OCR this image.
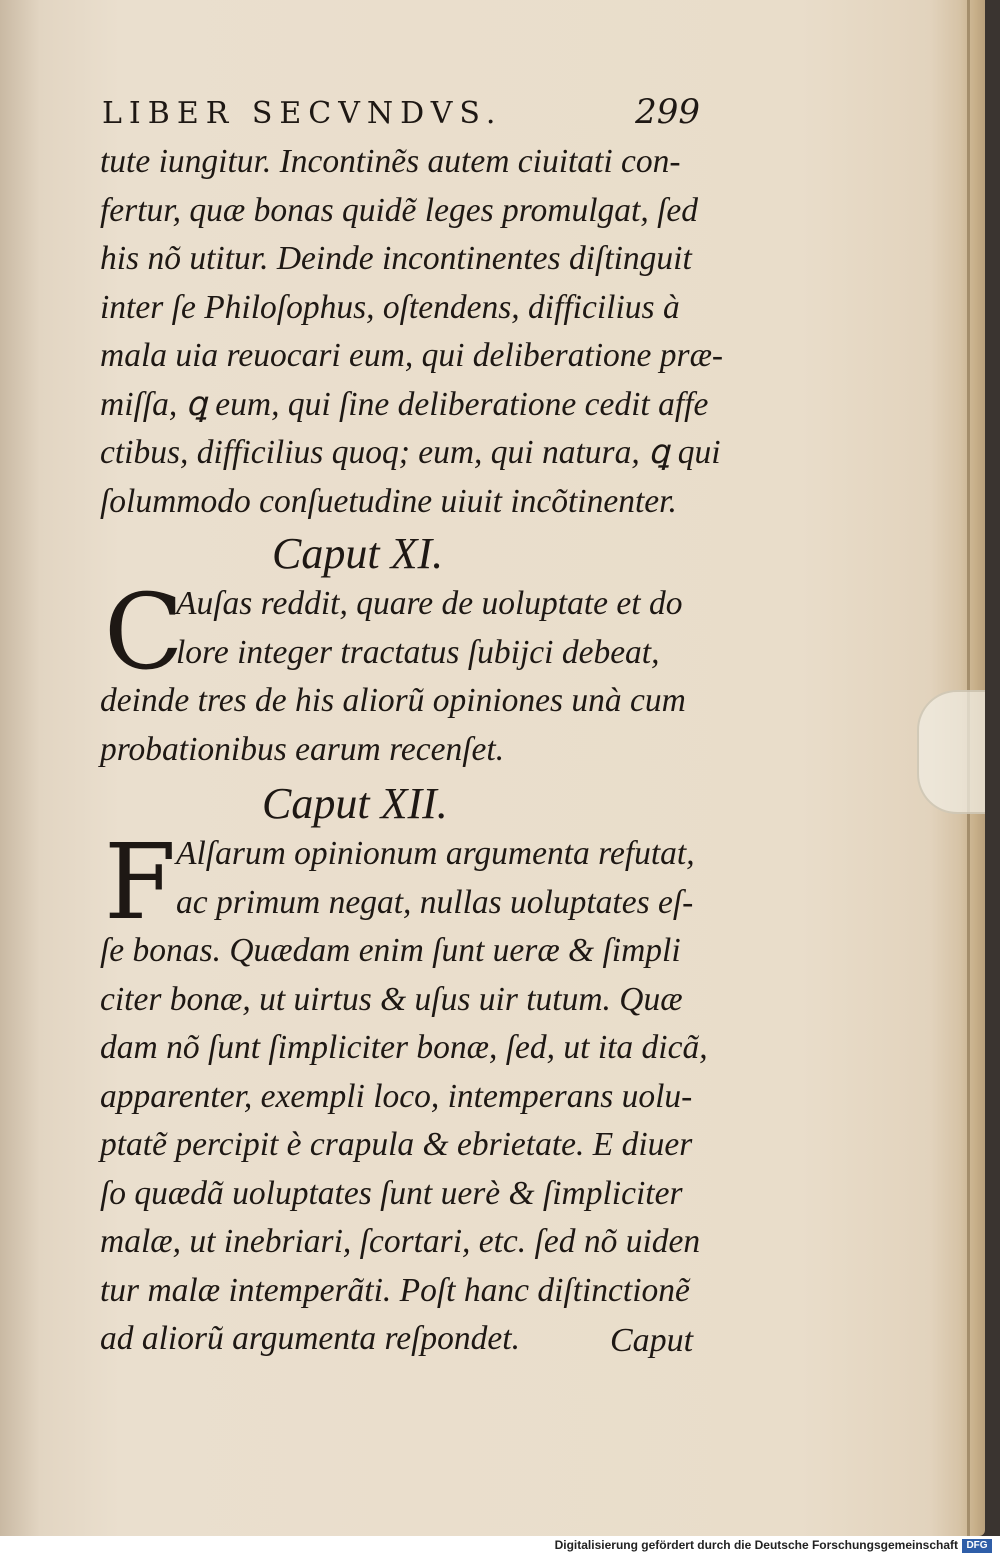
LIBER SECVNDVS.	299
tute iungitur. Incontinẽs autem ciuitati con-
fertur, quæ bonas quidẽ leges promulgat, ſed
his nõ utitur. Deinde incontinentes diſtinguit
inter ſe Philoſophus, oſtendens, difficilius à
mala uia reuocari eum, qui deliberatione præ-
miſſa, ꝗ eum, qui ſine deliberatione cedit affe
ctibus, difficilius quoq; eum, qui natura, ꝗ qui
ſolummodo conſuetudine uiuit incõtinenter.
Caput XI.
C
Auſas reddit, quare de uoluptate et do
lore integer tractatus ſubijci debeat,
deinde tres de his aliorũ opiniones unà cum
probationibus earum recenſet.
Caput XII.
F Alſarum opinionum argumenta refutat,
ac primum negat, nullas uoluptates eſ-
ſe bonas. Quædam enim ſunt ueræ & ſimpli
citer bonæ, ut uirtus & uſus uir tutum. Quæ
dam nõ ſunt ſimpliciter bonæ, ſed, ut ita dicã,
apparenter, exempli loco, intemperans uolu-
ptatẽ percipit è crapula & ebrietate. E diuer
ſo quædã uoluptates ſunt uerè & ſimpliciter
malæ, ut inebriari, ſcortari, etc. ſed nõ uiden
tur malæ intemperãti. Poſt hanc diſtinctionẽ
ad aliorũ argumenta reſpondet.	Caput
Digitalisierung gefördert durch die Deutsche Forschungsgemeinschaft DFG
